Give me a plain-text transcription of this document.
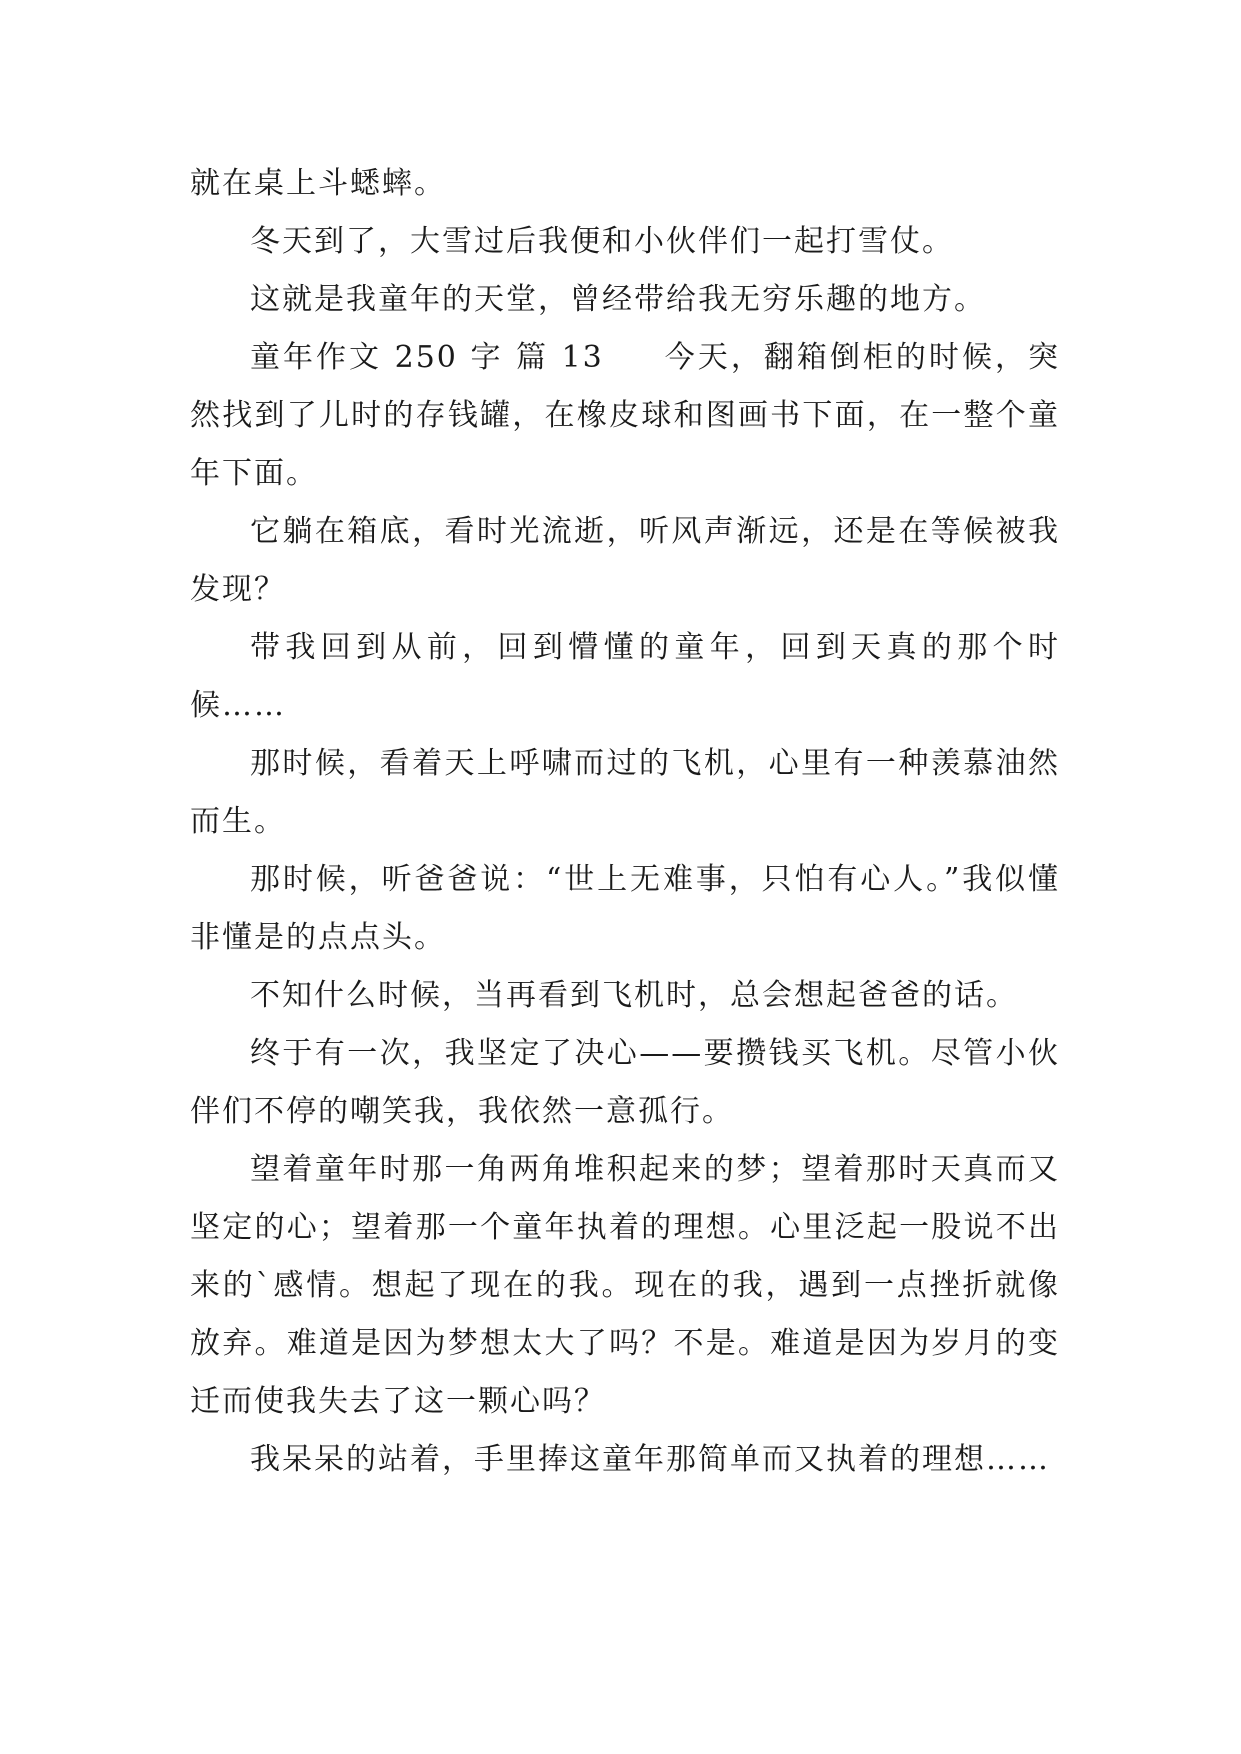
就在桌上斗蟋蟀。

冬天到了，大雪过后我便和小伙伴们一起打雪仗。

这就是我童年的天堂，曾经带给我无穷乐趣的地方。

童年作文 250 字 篇 13 今天，翻箱倒柜的时候，突然找到了儿时的存钱罐，在橡皮球和图画书下面，在一整个童年下面。

它躺在箱底，看时光流逝，听风声渐远，还是在等候被我发现？

带我回到从前，回到懵懂的童年，回到天真的那个时候……

那时候，看着天上呼啸而过的飞机，心里有一种羡慕油然而生。

那时候，听爸爸说：“世上无难事，只怕有心人。”我似懂非懂是的点点头。

不知什么时候，当再看到飞机时，总会想起爸爸的话。

终于有一次，我坚定了决心——要攒钱买飞机。尽管小伙伴们不停的嘲笑我，我依然一意孤行。

望着童年时那一角两角堆积起来的梦；望着那时天真而又坚定的心；望着那一个童年执着的理想。心里泛起一股说不出来的`感情。想起了现在的我。现在的我，遇到一点挫折就像放弃。难道是因为梦想太大了吗？不是。难道是因为岁月的变迁而使我失去了这一颗心吗？

我呆呆的站着，手里捧这童年那简单而又执着的理想……
